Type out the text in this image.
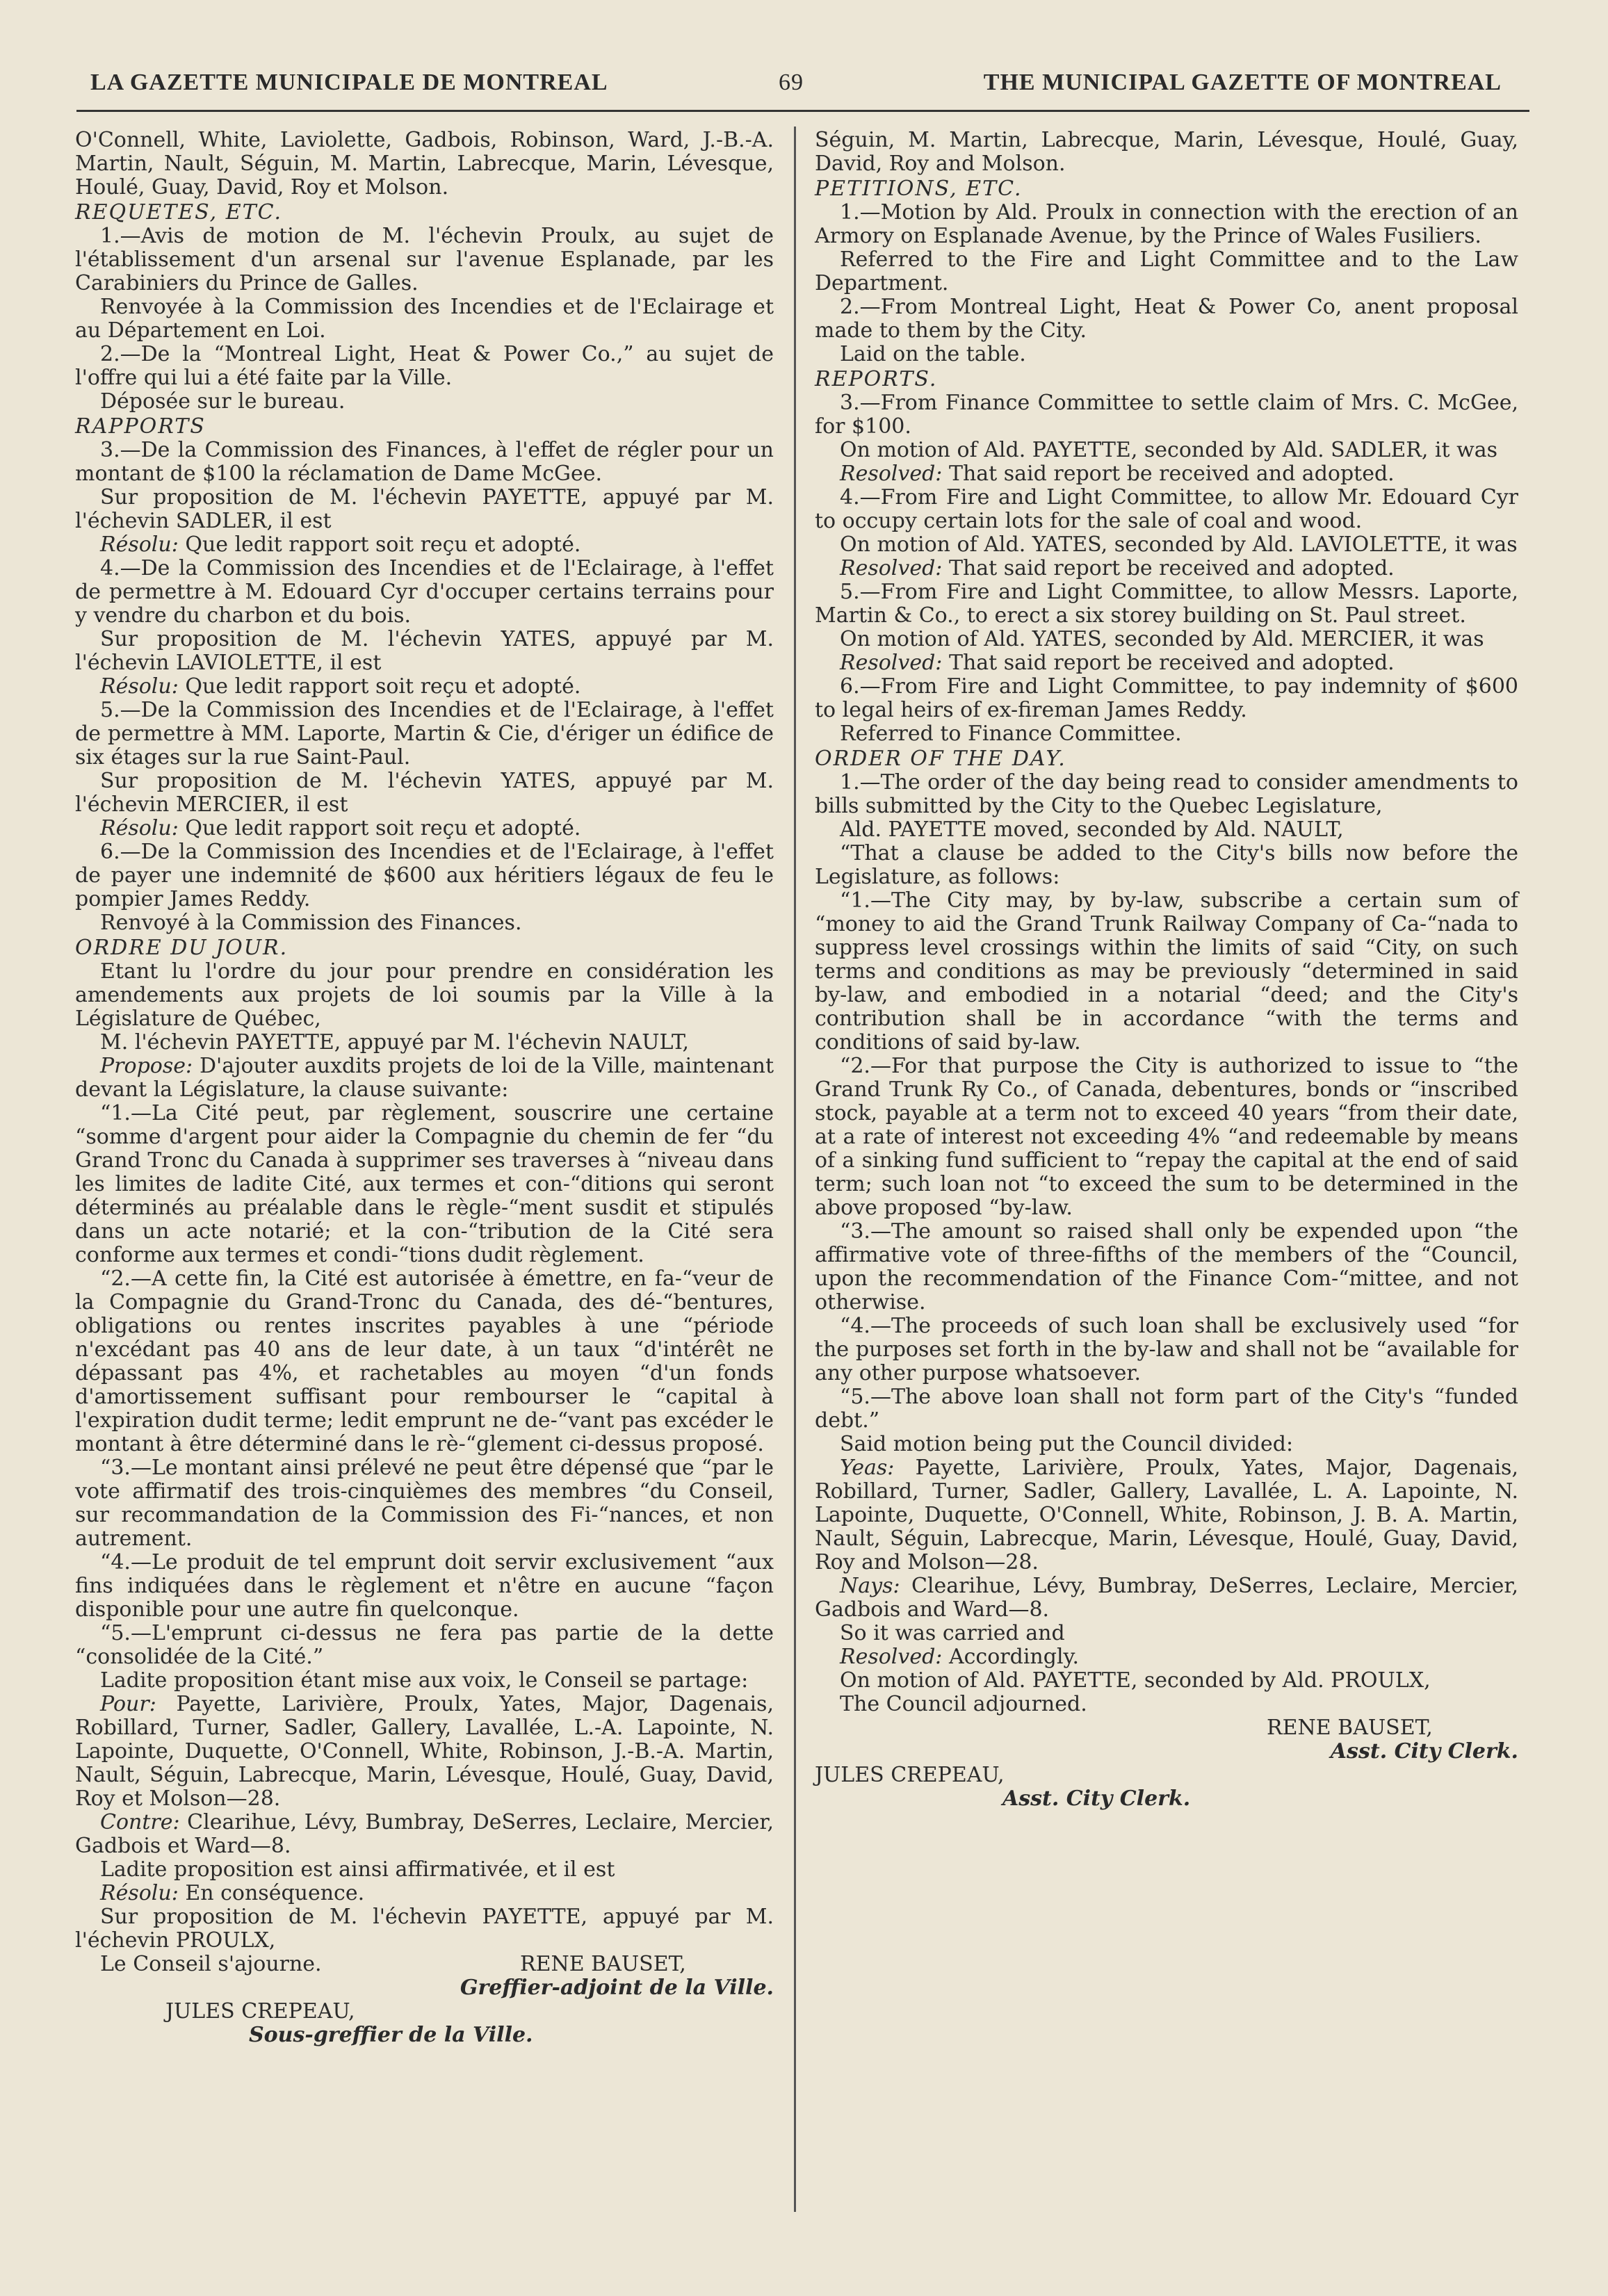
LA GAZETTE MUNICIPALE DE MONTREAL	69	THE MUNICIPAL GAZETTE OF MONTREAL

O'Connell, White, Laviolette, Gadbois, Robinson, Ward, J.-B.-A. Martin, Nault, Séguin, M. Martin, Labrecque, Marin, Lévesque, Houlé, Guay, David, Roy et Molson.

REQUETES, ETC.

1.—Avis de motion de M. l'échevin Proulx, au sujet de l'établissement d'un arsenal sur l'avenue Esplanade, par les Carabiniers du Prince de Galles.

Renvoyée à la Commission des Incendies et de l'Eclairage et au Département en Loi.

2.—De la “Montreal Light, Heat & Power Co.,” au sujet de l'offre qui lui a été faite par la Ville.

Déposée sur le bureau.

RAPPORTS

3.—De la Commission des Finances, à l'effet de régler pour un montant de $100 la réclamation de Dame McGee.

Sur proposition de M. l'échevin PAYETTE, appuyé par M. l'échevin SADLER, il est

Résolu: Que ledit rapport soit reçu et adopté.

4.—De la Commission des Incendies et de l'Eclairage, à l'effet de permettre à M. Edouard Cyr d'occuper certains terrains pour y vendre du charbon et du bois.

Sur proposition de M. l'échevin YATES, appuyé par M. l'échevin LAVIOLETTE, il est

Résolu: Que ledit rapport soit reçu et adopté.

5.—De la Commission des Incendies et de l'Eclairage, à l'effet de permettre à MM. Laporte, Martin & Cie, d'ériger un édifice de six étages sur la rue Saint-Paul.

Sur proposition de M. l'échevin YATES, appuyé par M. l'échevin MERCIER, il est

Résolu: Que ledit rapport soit reçu et adopté.

6.—De la Commission des Incendies et de l'Eclairage, à l'effet de payer une indemnité de $600 aux héritiers légaux de feu le pompier James Reddy.

Renvoyé à la Commission des Finances.

ORDRE DU JOUR.

Etant lu l'ordre du jour pour prendre en considération les amendements aux projets de loi soumis par la Ville à la Législature de Québec,

M. l'échevin PAYETTE, appuyé par M. l'échevin NAULT,

Propose: D'ajouter auxdits projets de loi de la Ville, maintenant devant la Législature, la clause suivante:

“1.—La Cité peut, par règlement, souscrire une certaine “somme d'argent pour aider la Compagnie du chemin de fer “du Grand Tronc du Canada à supprimer ses traverses à “niveau dans les limites de ladite Cité, aux termes et con-“ditions qui seront déterminés au préalable dans le règle-“ment susdit et stipulés dans un acte notarié; et la con-“tribution de la Cité sera conforme aux termes et condi-“tions dudit règlement.

“2.—A cette fin, la Cité est autorisée à émettre, en fa-“veur de la Compagnie du Grand-Tronc du Canada, des dé-“bentures, obligations ou rentes inscrites payables à une “période n'excédant pas 40 ans de leur date, à un taux “d'intérêt ne dépassant pas 4%, et rachetables au moyen “d'un fonds d'amortissement suffisant pour rembourser le “capital à l'expiration dudit terme; ledit emprunt ne de-“vant pas excéder le montant à être déterminé dans le rè-“glement ci-dessus proposé.

“3.—Le montant ainsi prélevé ne peut être dépensé que “par le vote affirmatif des trois-cinquièmes des membres “du Conseil, sur recommandation de la Commission des Fi-“nances, et non autrement.

“4.—Le produit de tel emprunt doit servir exclusivement “aux fins indiquées dans le règlement et n'être en aucune “façon disponible pour une autre fin quelconque.

“5.—L'emprunt ci-dessus ne fera pas partie de la dette “consolidée de la Cité.”

Ladite proposition étant mise aux voix, le Conseil se partage:

Pour: Payette, Larivière, Proulx, Yates, Major, Dagenais, Robillard, Turner, Sadler, Gallery, Lavallée, L.-A. Lapointe, N. Lapointe, Duquette, O'Connell, White, Robinson, J.-B.-A. Martin, Nault, Séguin, Labrecque, Marin, Lévesque, Houlé, Guay, David, Roy et Molson—28.

Contre: Clearihue, Lévy, Bumbray, DeSerres, Leclaire, Mercier, Gadbois et Ward—8.

Ladite proposition est ainsi affirmativée, et il est

Résolu: En conséquence.

Sur proposition de M. l'échevin PAYETTE, appuyé par M. l'échevin PROULX,

Le Conseil s'ajourne.	RENE BAUSET,
Greffier-adjoint de la Ville.
JULES CREPEAU,
Sous-greffier de la Ville.

Séguin, M. Martin, Labrecque, Marin, Lévesque, Houlé, Guay, David, Roy and Molson.

PETITIONS, ETC.

1.—Motion by Ald. Proulx in connection with the erection of an Armory on Esplanade Avenue, by the Prince of Wales Fusiliers.

Referred to the Fire and Light Committee and to the Law Department.

2.—From Montreal Light, Heat & Power Co, anent proposal made to them by the City.

Laid on the table.

REPORTS.

3.—From Finance Committee to settle claim of Mrs. C. McGee, for $100.

On motion of Ald. PAYETTE, seconded by Ald. SADLER, it was

Resolved: That said report be received and adopted.

4.—From Fire and Light Committee, to allow Mr. Edouard Cyr to occupy certain lots for the sale of coal and wood.

On motion of Ald. YATES, seconded by Ald. LAVIOLETTE, it was

Resolved: That said report be received and adopted.

5.—From Fire and Light Committee, to allow Messrs. Laporte, Martin & Co., to erect a six storey building on St. Paul street.

On motion of Ald. YATES, seconded by Ald. MERCIER, it was

Resolved: That said report be received and adopted.

6.—From Fire and Light Committee, to pay indemnity of $600 to legal heirs of ex-fireman James Reddy.

Referred to Finance Committee.

ORDER OF THE DAY.

1.—The order of the day being read to consider amendments to bills submitted by the City to the Quebec Legislature,

Ald. PAYETTE moved, seconded by Ald. NAULT,

“That a clause be added to the City's bills now before the Legislature, as follows:

“1.—The City may, by by-law, subscribe a certain sum of “money to aid the Grand Trunk Railway Company of Ca-“nada to suppress level crossings within the limits of said “City, on such terms and conditions as may be previously “determined in said by-law, and embodied in a notarial “deed; and the City's contribution shall be in accordance “with the terms and conditions of said by-law.

“2.—For that purpose the City is authorized to issue to “the Grand Trunk Ry Co., of Canada, debentures, bonds or “inscribed stock, payable at a term not to exceed 40 years “from their date, at a rate of interest not exceeding 4% “and redeemable by means of a sinking fund sufficient to “repay the capital at the end of said term; such loan not “to exceed the sum to be determined in the above proposed “by-law.

“3.—The amount so raised shall only be expended upon “the affirmative vote of three-fifths of the members of the “Council, upon the recommendation of the Finance Com-“mittee, and not otherwise.

“4.—The proceeds of such loan shall be exclusively used “for the purposes set forth in the by-law and shall not be “available for any other purpose whatsoever.

“5.—The above loan shall not form part of the City's “funded debt.”

Said motion being put the Council divided:

Yeas: Payette, Larivière, Proulx, Yates, Major, Dagenais, Robillard, Turner, Sadler, Gallery, Lavallée, L. A. Lapointe, N. Lapointe, Duquette, O'Connell, White, Robinson, J. B. A. Martin, Nault, Séguin, Labrecque, Marin, Lévesque, Houlé, Guay, David, Roy and Molson—28.

Nays: Clearihue, Lévy, Bumbray, DeSerres, Leclaire, Mercier, Gadbois and Ward—8.

So it was carried and

Resolved: Accordingly.

On motion of Ald. PAYETTE, seconded by Ald. PROULX,

The Council adjourned.

RENE BAUSET,
Asst. City Clerk.
JULES CREPEAU,
Asst. City Clerk.
